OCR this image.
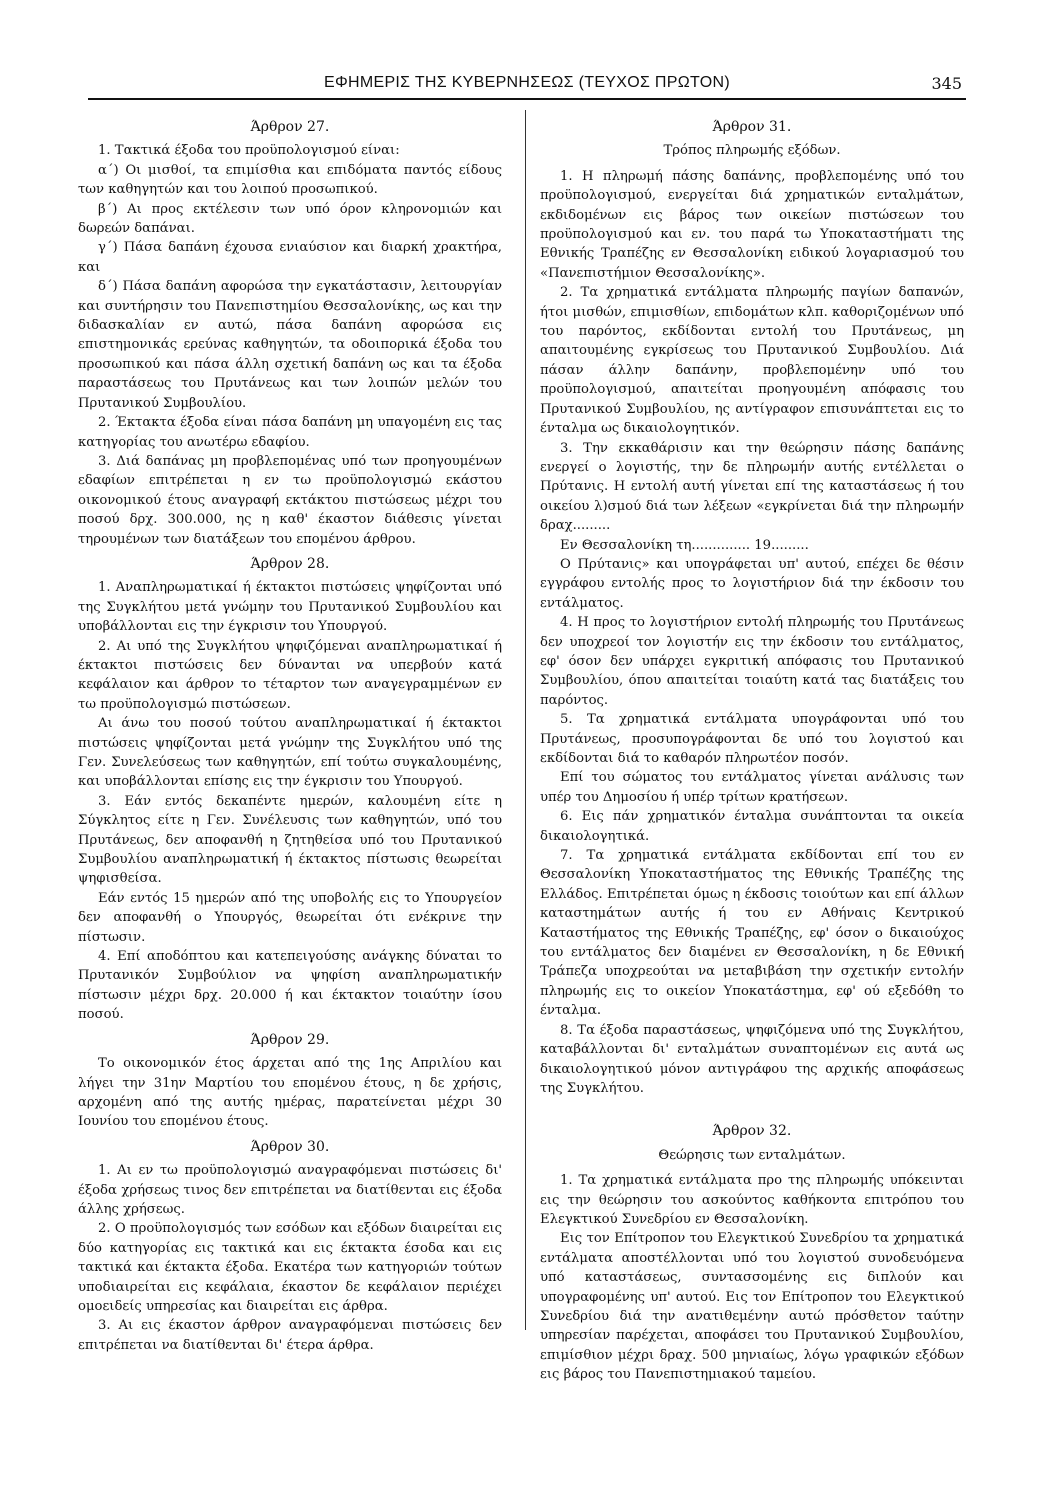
ΕΦΗΜΕΡΙΣ ΤΗΣ ΚΥΒΕΡΝΗΣΕΩΣ (ΤΕΥΧΟΣ ΠΡΩΤΟΝ)	345
Άρθρον 27.

1. Τακτικά έξοδα του προϋπολογισμού είναι:

α΄) Οι μισθοί, τα επιμίσθια και επιδόματα παντός είδους των καθηγητών και του λοιπού προσωπικού.

β΄) Αι προς εκτέλεσιν των υπό όρον κληρονομιών και δωρεών δαπάναι.

γ΄) Πάσα δαπάνη έχουσα ενιαύσιον και διαρκή χρακτήρα, και

δ΄) Πάσα δαπάνη αφορώσα την εγκατάστασιν, λειτουργίαν και συντήρησιν του Πανεπιστημίου Θεσσαλονίκης, ως και την διδασκαλίαν εν αυτώ, πάσα δαπάνη αφορώσα εις επιστημονικάς ερεύνας καθηγητών, τα οδοιπορικά έξοδα του προσωπικού και πάσα άλλη σχετική δαπάνη ως και τα έξοδα παραστάσεως του Πρυτάνεως και των λοιπών μελών του Πρυτανικού Συμβουλίου.

2. Έκτακτα έξοδα είναι πάσα δαπάνη μη υπαγομένη εις τας κατηγορίας του ανωτέρω εδαφίου.

3. Διά δαπάνας μη προβλεπομένας υπό των προηγουμένων εδαφίων επιτρέπεται η εν τω προϋπολογισμώ εκάστου οικονομικού έτους αναγραφή εκτάκτου πιστώσεως μέχρι του ποσού δρχ. 300.000, ης η καθ' έκαστον διάθεσις γίνεται τηρουμένων των διατάξεων του επομένου άρθρου.

Άρθρον 28.

1. Αναπληρωματικαί ή έκτακτοι πιστώσεις ψηφίζονται υπό της Συγκλήτου μετά γνώμην του Πρυτανικού Συμβουλίου και υποβάλλονται εις την έγκρισιν του Υπουργού.

2. Αι υπό της Συγκλήτου ψηφιζόμεναι αναπληρωματικαί ή έκτακτοι πιστώσεις δεν δύνανται να υπερβούν κατά κεφάλαιον και άρθρον το τέταρτον των αναγεγραμμένων εν τω προϋπολογισμώ πιστώσεων.

Αι άνω του ποσού τούτου αναπληρωματικαί ή έκτακτοι πιστώσεις ψηφίζονται μετά γνώμην της Συγκλήτου υπό της Γεν. Συνελεύσεως των καθηγητών, επί τούτω συγκαλουμένης, και υποβάλλονται επίσης εις την έγκρισιν του Υπουργού.

3. Εάν εντός δεκαπέντε ημερών, καλουμένη είτε η Σύγκλητος είτε η Γεν. Συνέλευσις των καθηγητών, υπό του Πρυτάνεως, δεν αποφανθή η ζητηθείσα υπό του Πρυτανικού Συμβουλίου αναπληρωματική ή έκτακτος πίστωσις θεωρείται ψηφισθείσα.

Εάν εντός 15 ημερών από της υποβολής εις το Υπουργείον δεν αποφανθή ο Υπουργός, θεωρείται ότι ενέκρινε την πίστωσιν.

4. Επί αποδόπτου και κατεπειγούσης ανάγκης δύναται το Πρυτανικόν Συμβούλιον να ψηφίση αναπληρωματικήν πίστωσιν μέχρι δρχ. 20.000 ή και έκτακτον τοιαύτην ίσου ποσού.

Άρθρον 29.

Το οικονομικόν έτος άρχεται από της 1ης Απριλίου και λήγει την 31ην Μαρτίου του επομένου έτους, η δε χρήσις, αρχομένη από της αυτής ημέρας, παρατείνεται μέχρι 30 Ιουνίου του επομένου έτους.

Άρθρον 30.

1. Αι εν τω προϋπολογισμώ αναγραφόμεναι πιστώσεις δι' έξοδα χρήσεως τινος δεν επιτρέπεται να διατίθενται εις έξοδα άλλης χρήσεως.

2. Ο προϋπολογισμός των εσόδων και εξόδων διαιρείται εις δύο κατηγορίας εις τακτικά και εις έκτακτα έσοδα και εις τακτικά και έκτακτα έξοδα. Εκατέρα των κατηγοριών τούτων υποδιαιρείται εις κεφάλαια, έκαστον δε κεφάλαιον περιέχει ομοειδείς υπηρεσίας και διαιρείται εις άρθρα.

3. Αι εις έκαστον άρθρον αναγραφόμεναι πιστώσεις δεν επιτρέπεται να διατίθενται δι' έτερα άρθρα.

Άρθρον 31.
Τρόπος πληρωμής εξόδων.

1. Η πληρωμή πάσης δαπάνης, προβλεπομένης υπό του προϋπολογισμού, ενεργείται διά χρηματικών ενταλμάτων, εκδιδομένων εις βάρος των οικείων πιστώσεων του προϋπολογισμού και εν. του παρά τω Υποκαταστήματι της Εθνικής Τραπέζης εν Θεσσαλονίκη ειδικού λογαριασμού του «Πανεπιστήμιον Θεσσαλονίκης».

2. Τα χρηματικά εντάλματα πληρωμής παγίων δαπανών, ήτοι μισθών, επιμισθίων, επιδομάτων κλπ. καθοριζομένων υπό του παρόντος, εκδίδονται εντολή του Πρυτάνεως, μη απαιτουμένης εγκρίσεως του Πρυτανικού Συμβουλίου. Διά πάσαν άλλην δαπάνην, προβλεπομένην υπό του προϋπολογισμού, απαιτείται προηγουμένη απόφασις του Πρυτανικού Συμβουλίου, ης αντίγραφον επισυνάπτεται εις το ένταλμα ως δικαιολογητικόν.

3. Την εκκαθάρισιν και την θεώρησιν πάσης δαπάνης ενεργεί ο λογιστής, την δε πληρωμήν αυτής εντέλλεται ο Πρύτανις. Η εντολή αυτή γίνεται επί της καταστάσεως ή του οικείου λ)σμού διά των λέξεων «εγκρίνεται διά την πληρωμήν δραχ.........

Εν Θεσσαλονίκη τη.............. 19.........

Ο Πρύτανις» και υπογράφεται υπ' αυτού, επέχει δε θέσιν εγγράφου εντολής προς το λογιστήριον διά την έκδοσιν του εντάλματος.

4. Η προς το λογιστήριον εντολή πληρωμής του Πρυτάνεως δεν υποχρεοί τον λογιστήν εις την έκδοσιν του εντάλματος, εφ' όσον δεν υπάρχει εγκριτική απόφασις του Πρυτανικού Συμβουλίου, όπου απαιτείται τοιαύτη κατά τας διατάξεις του παρόντος.

5. Τα χρηματικά εντάλματα υπογράφονται υπό του Πρυτάνεως, προσυπογράφονται δε υπό του λογιστού και εκδίδονται διά το καθαρόν πληρωτέον ποσόν.

Επί του σώματος του εντάλματος γίνεται ανάλυσις των υπέρ του Δημοσίου ή υπέρ τρίτων κρατήσεων.

6. Εις πάν χρηματικόν ένταλμα συνάπτονται τα οικεία δικαιολογητικά.

7. Τα χρηματικά εντάλματα εκδίδονται επί του εν Θεσσαλονίκη Υποκαταστήματος της Εθνικής Τραπέζης της Ελλάδος. Επιτρέπεται όμως η έκδοσις τοιούτων και επί άλλων καταστημάτων αυτής ή του εν Αθήναις Κεντρικού Καταστήματος της Εθνικής Τραπέζης, εφ' όσον ο δικαιούχος του εντάλματος δεν διαμένει εν Θεσσαλονίκη, η δε Εθνική Τράπεζα υποχρεούται να μεταβιβάση την σχετικήν εντολήν πληρωμής εις το οικείον Υποκατάστημα, εφ' ού εξεδόθη το ένταλμα.

8. Τα έξοδα παραστάσεως, ψηφιζόμενα υπό της Συγκλήτου, καταβάλλονται δι' ενταλμάτων συναπτομένων εις αυτά ως δικαιολογητικού μόνον αντιγράφου της αρχικής αποφάσεως της Συγκλήτου.

Άρθρον 32.
Θεώρησις των ενταλμάτων.

1. Τα χρηματικά εντάλματα προ της πληρωμής υπόκεινται εις την θεώρησιν του ασκούντος καθήκοντα επιτρόπου του Ελεγκτικού Συνεδρίου εν Θεσσαλονίκη.

Εις τον Επίτροπον του Ελεγκτικού Συνεδρίου τα χρηματικά εντάλματα αποστέλλονται υπό του λογιστού συνοδευόμενα υπό καταστάσεως, συντασσομένης εις διπλούν και υπογραφομένης υπ' αυτού. Εις τον Επίτροπον του Ελεγκτικού Συνεδρίου διά την ανατιθεμένην αυτώ πρόσθετον ταύτην υπηρεσίαν παρέχεται, αποφάσει του Πρυτανικού Συμβουλίου, επιμίσθιον μέχρι δραχ. 500 μηνιαίως, λόγω γραφικών εξόδων εις βάρος του Πανεπιστημιακού ταμείου.
